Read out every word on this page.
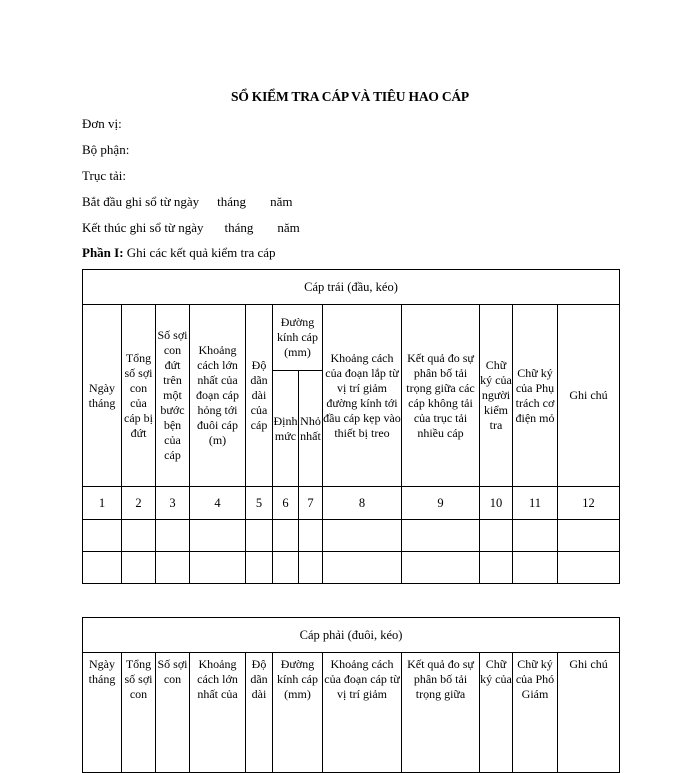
SỔ KIỂM TRA CÁP VÀ TIÊU HAO CÁP
Đơn vị:
Bộ phận:
Trục tải:
Bắt đầu ghi sổ từ ngày tháng năm
Kết thúc ghi sổ từ ngày tháng năm
Phần I: Ghi các kết quả kiểm tra cáp
Cáp trái (đầu, kéo)											
Ngày tháng	Tổng số sợi con của cáp bị đứt	Số sợi con đứt trên một bước bện của cáp	Khoảng cách lớn nhất của đoạn cáp hỏng tới đuôi cáp (m)	Độ dãn dài của cáp	Đường kính cáp (mm)		Khoảng cách của đoạn lắp từ vị trí giảm đường kính tới đầu cáp kẹp vào thiết bị treo	Kết quả đo sự phân bố tải trọng giữa các cáp không tải của trục tải nhiều cáp	Chữ ký của người kiểm tra	Chữ ký của Phụ trách cơ điện mỏ	Ghi chú
					Định mức	Nhỏ nhất					
1	2	3	4	5	6	7	8	9	10	11	12

Cáp phải (đuôi, kéo)
Ngày tháng	Tổng số sợi con	Số sợi con	Khoảng cách lớn nhất của	Độ dãn dài	Đường kính cáp (mm)	Khoảng cách của đoạn cáp từ vị trí giảm	Kết quả đo sự phân bố tải trọng giữa	Chữ ký của	Chữ ký của Phó Giám	Ghi chú
